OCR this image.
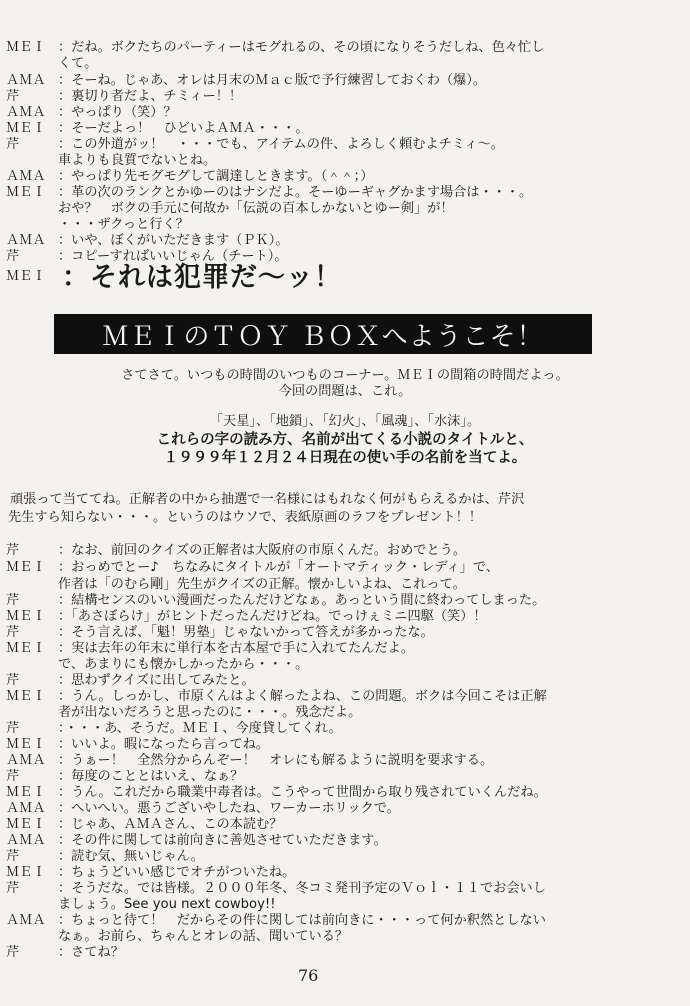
ＭＥＩ ：だね。ボクたちのパーティーはモグれるの、その頃になりそうだしね、色々忙し
くて。
ＡＭＡ ：そーね。じゃあ、オレは月末のＭａｃ版で予行練習しておくわ（爆）。
芹	：裏切り者だよ、チミィー！！
ＡＭＡ ：やっぱり（笑）？
ＭＥＩ ：そーだよっ！　ひどいよＡＭＡ・・・。
芹	：この外道がッ！　・・・でも、アイテムの件、よろしく頼むよチミィ～。
車よりも良質でないとね。
ＡＭＡ ：やっぱり先モグモグして調達しときます。（＾＾；）
ＭＥＩ ：革の次のランクとかゆーのはナシだよ。そーゆーギャグかます場合は・・・。
おや？　ボクの手元に何故か「伝説の百本しかないとゆー剣」が！
・・・ザクっと行く？
ＡＭＡ ：いや、ぼくがいただきます（ＰＫ）。
芹	：コピーすればいいじゃん（チート）。
ＭＥＩ ：それは犯罪だ～ッ！
ＭＥＩのＴＯＹ ＢＯＸへようこそ！
さてさて。いつもの時間のいつものコーナー。ＭＥＩの間箱の時間だよっ。
今回の問題は、これ。
「天星」、「地鎖」、「幻火」、「風魂」、「水沫」。
これらの字の読み方、名前が出てくる小説のタイトルと、
１９９９年１２月２４日現在の使い手の名前を当てよ。
頑張って当ててね。正解者の中から抽選で一名様にはもれなく何がもらえるかは、芹沢
先生すら知らない・・・。というのはウソで、表紙原画のラフをプレゼント！！
芹	：なお、前回のクイズの正解者は大阪府の市原くんだ。おめでとう。
ＭＥＩ ：おっめでとー♪　ちなみにタイトルが「オートマティック・レディ」で、
作者は「のむら剛」先生がクイズの正解。懐かしいよね、これって。
芹	：結構センスのいい漫画だったんだけどなぁ。あっという間に終わってしまった。
ＭＥＩ ：「あさぼらけ」がヒントだったんだけどね。でっけぇミニ四駆（笑）！
芹	：そう言えば、「魁！男塾」じゃないかって答えが多かったな。
ＭＥＩ ：実は去年の年末に単行本を古本屋で手に入れてたんだよ。
で、あまりにも懐かしかったから・・・。
芹	：思わずクイズに出してみたと。
ＭＥＩ ：うん。しっかし、市原くんはよく解ったよね、この問題。ボクは今回こそは正解
者が出ないだろうと思ったのに・・・。残念だよ。
芹	：・・・あ、そうだ。ＭＥＩ、今度貸してくれ。
ＭＥＩ ：いいよ。暇になったら言ってね。
ＡＭＡ ：うぁー！　全然分からんぞー！　オレにも解るように説明を要求する。
芹	：毎度のこととはいえ、なぁ？
ＭＥＩ ：うん。これだから職業中毒者は。こうやって世間から取り残されていくんだね。
ＡＭＡ ：へいへい。悪うございやしたね、ワーカーホリックで。
ＭＥＩ ：じゃあ、ＡＭＡさん、この本読む？
ＡＭＡ ：その件に関しては前向きに善処させていただきます。
芹	：読む気、無いじゃん。
ＭＥＩ ：ちょうどいい感じでオチがついたね。
芹	：そうだな。では皆様。２０００年冬、冬コミ発刊予定のＶｏｌ・１１でお会いし
ましょう。See you next cowboy!!
ＡＭＡ ：ちょっと待て！　だからその件に関しては前向きに・・・って何か釈然としない
なぁ。お前ら、ちゃんとオレの話、聞いている？
芹	：さてね？
76
